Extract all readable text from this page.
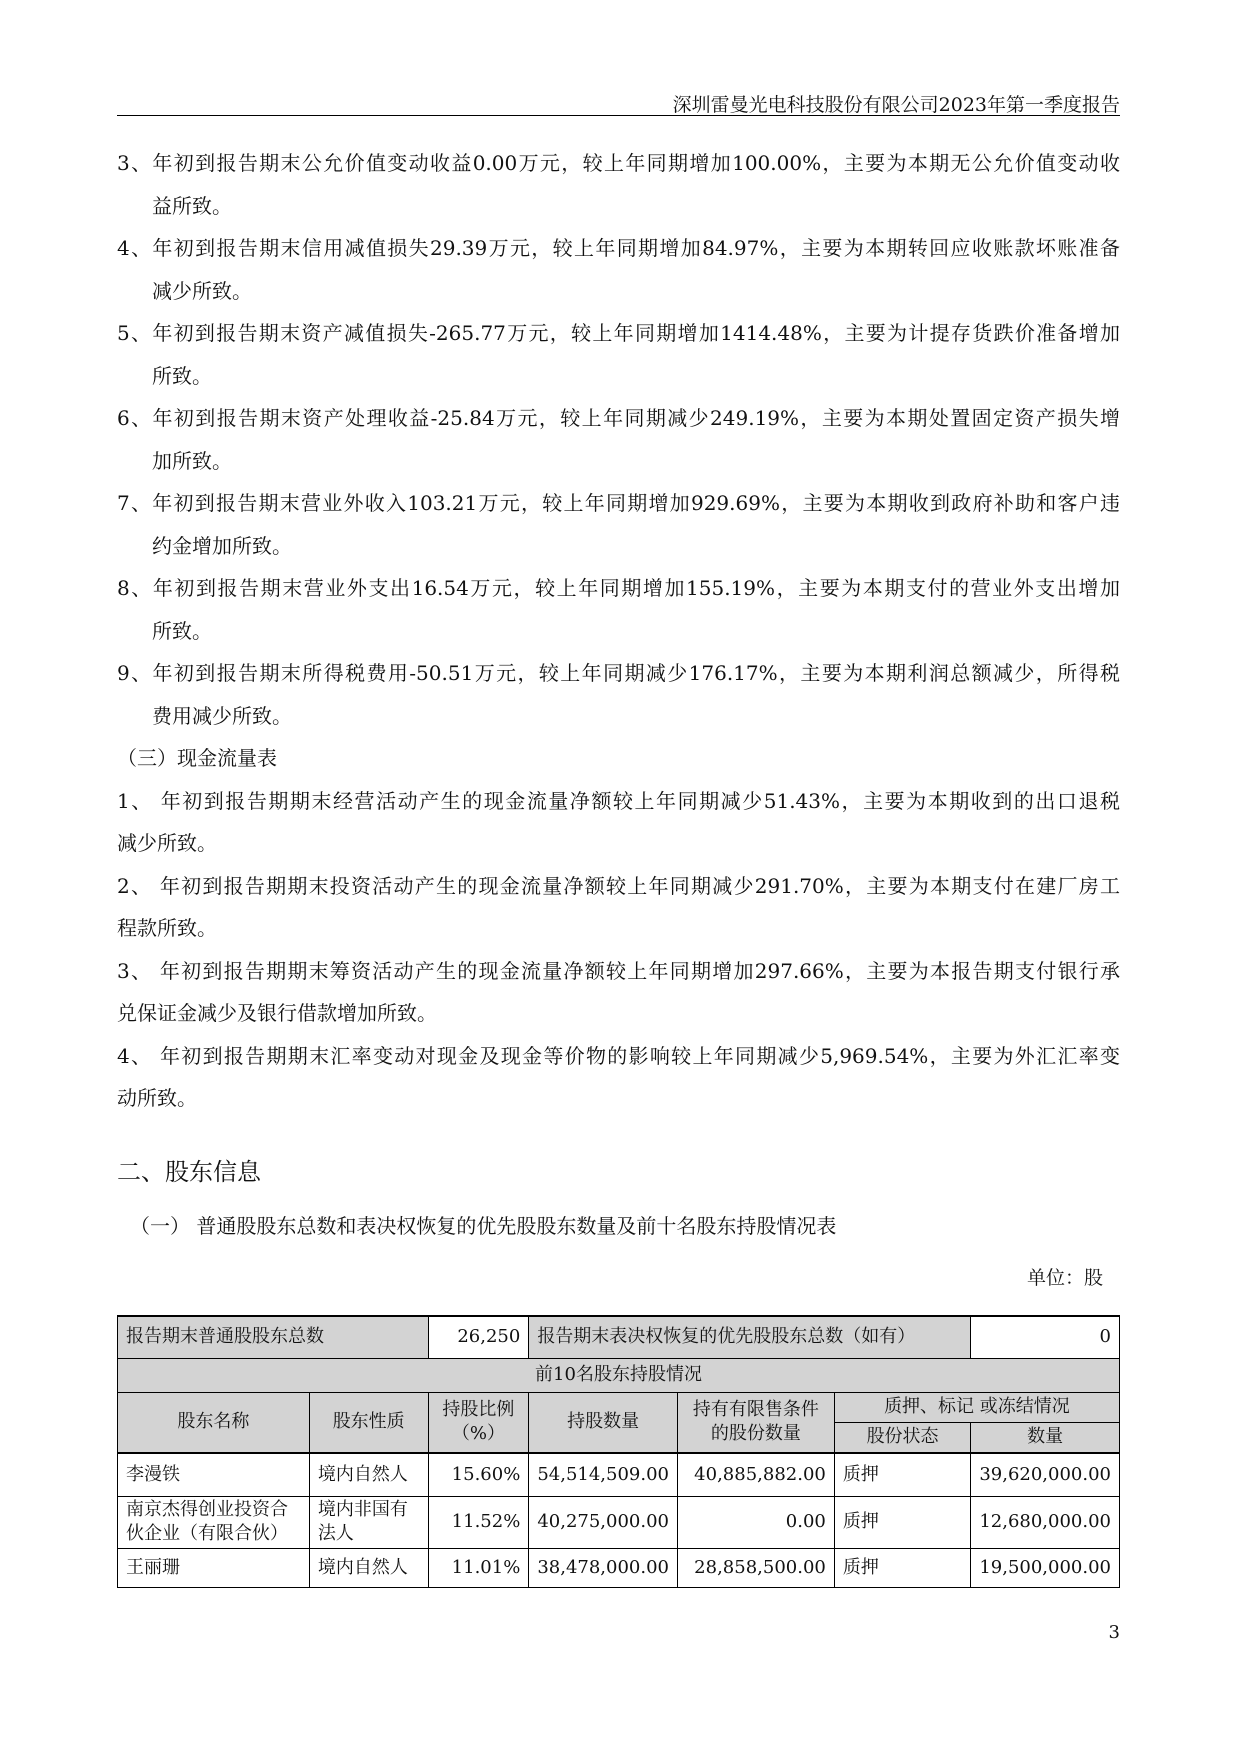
深圳雷曼光电科技股份有限公司2023年第一季度报告
3、年初到报告期末公允价值变动收益0.00万元，较上年同期增加100.00%，主要为本期无公允价值变动收
益所致。
4、年初到报告期末信用减值损失29.39万元，较上年同期增加84.97%，主要为本期转回应收账款坏账准备
减少所致。
5、年初到报告期末资产减值损失-265.77万元，较上年同期增加1414.48%，主要为计提存货跌价准备增加
所致。
6、年初到报告期末资产处理收益-25.84万元，较上年同期减少249.19%，主要为本期处置固定资产损失增
加所致。
7、年初到报告期末营业外收入103.21万元，较上年同期增加929.69%，主要为本期收到政府补助和客户违
约金增加所致。
8、年初到报告期末营业外支出16.54万元，较上年同期增加155.19%，主要为本期支付的营业外支出增加
所致。
9、年初到报告期末所得税费用-50.51万元，较上年同期减少176.17%，主要为本期利润总额减少，所得税
费用减少所致。
（三）现金流量表
1、 年初到报告期期末经营活动产生的现金流量净额较上年同期减少51.43%，主要为本期收到的出口退税
减少所致。
2、 年初到报告期期末投资活动产生的现金流量净额较上年同期减少291.70%，主要为本期支付在建厂房工
程款所致。
3、 年初到报告期期末筹资活动产生的现金流量净额较上年同期增加297.66%，主要为本报告期支付银行承
兑保证金减少及银行借款增加所致。
4、 年初到报告期期末汇率变动对现金及现金等价物的影响较上年同期减少5,969.54%，主要为外汇汇率变
动所致。
二、股东信息
（一） 普通股股东总数和表决权恢复的优先股股东数量及前十名股东持股情况表
单位：股
报告期末普通股股东总数		26,250	报告期末表决权恢复的优先股股东总数（如有）			0
前10名股东持股情况						
股东名称	股东性质	持股比例（%）	持股数量	持有有限售条件的股份数量	质押、标记 或冻结情况	
					股份状态	数量
李漫铁	境内自然人	15.60%	54,514,509.00	40,885,882.00	质押	39,620,000.00
南京杰得创业投资合伙企业（有限合伙）	境内非国有法人	11.52%	40,275,000.00	0.00	质押	12,680,000.00
王丽珊	境内自然人	11.01%	38,478,000.00	28,858,500.00	质押	19,500,000.00
3
